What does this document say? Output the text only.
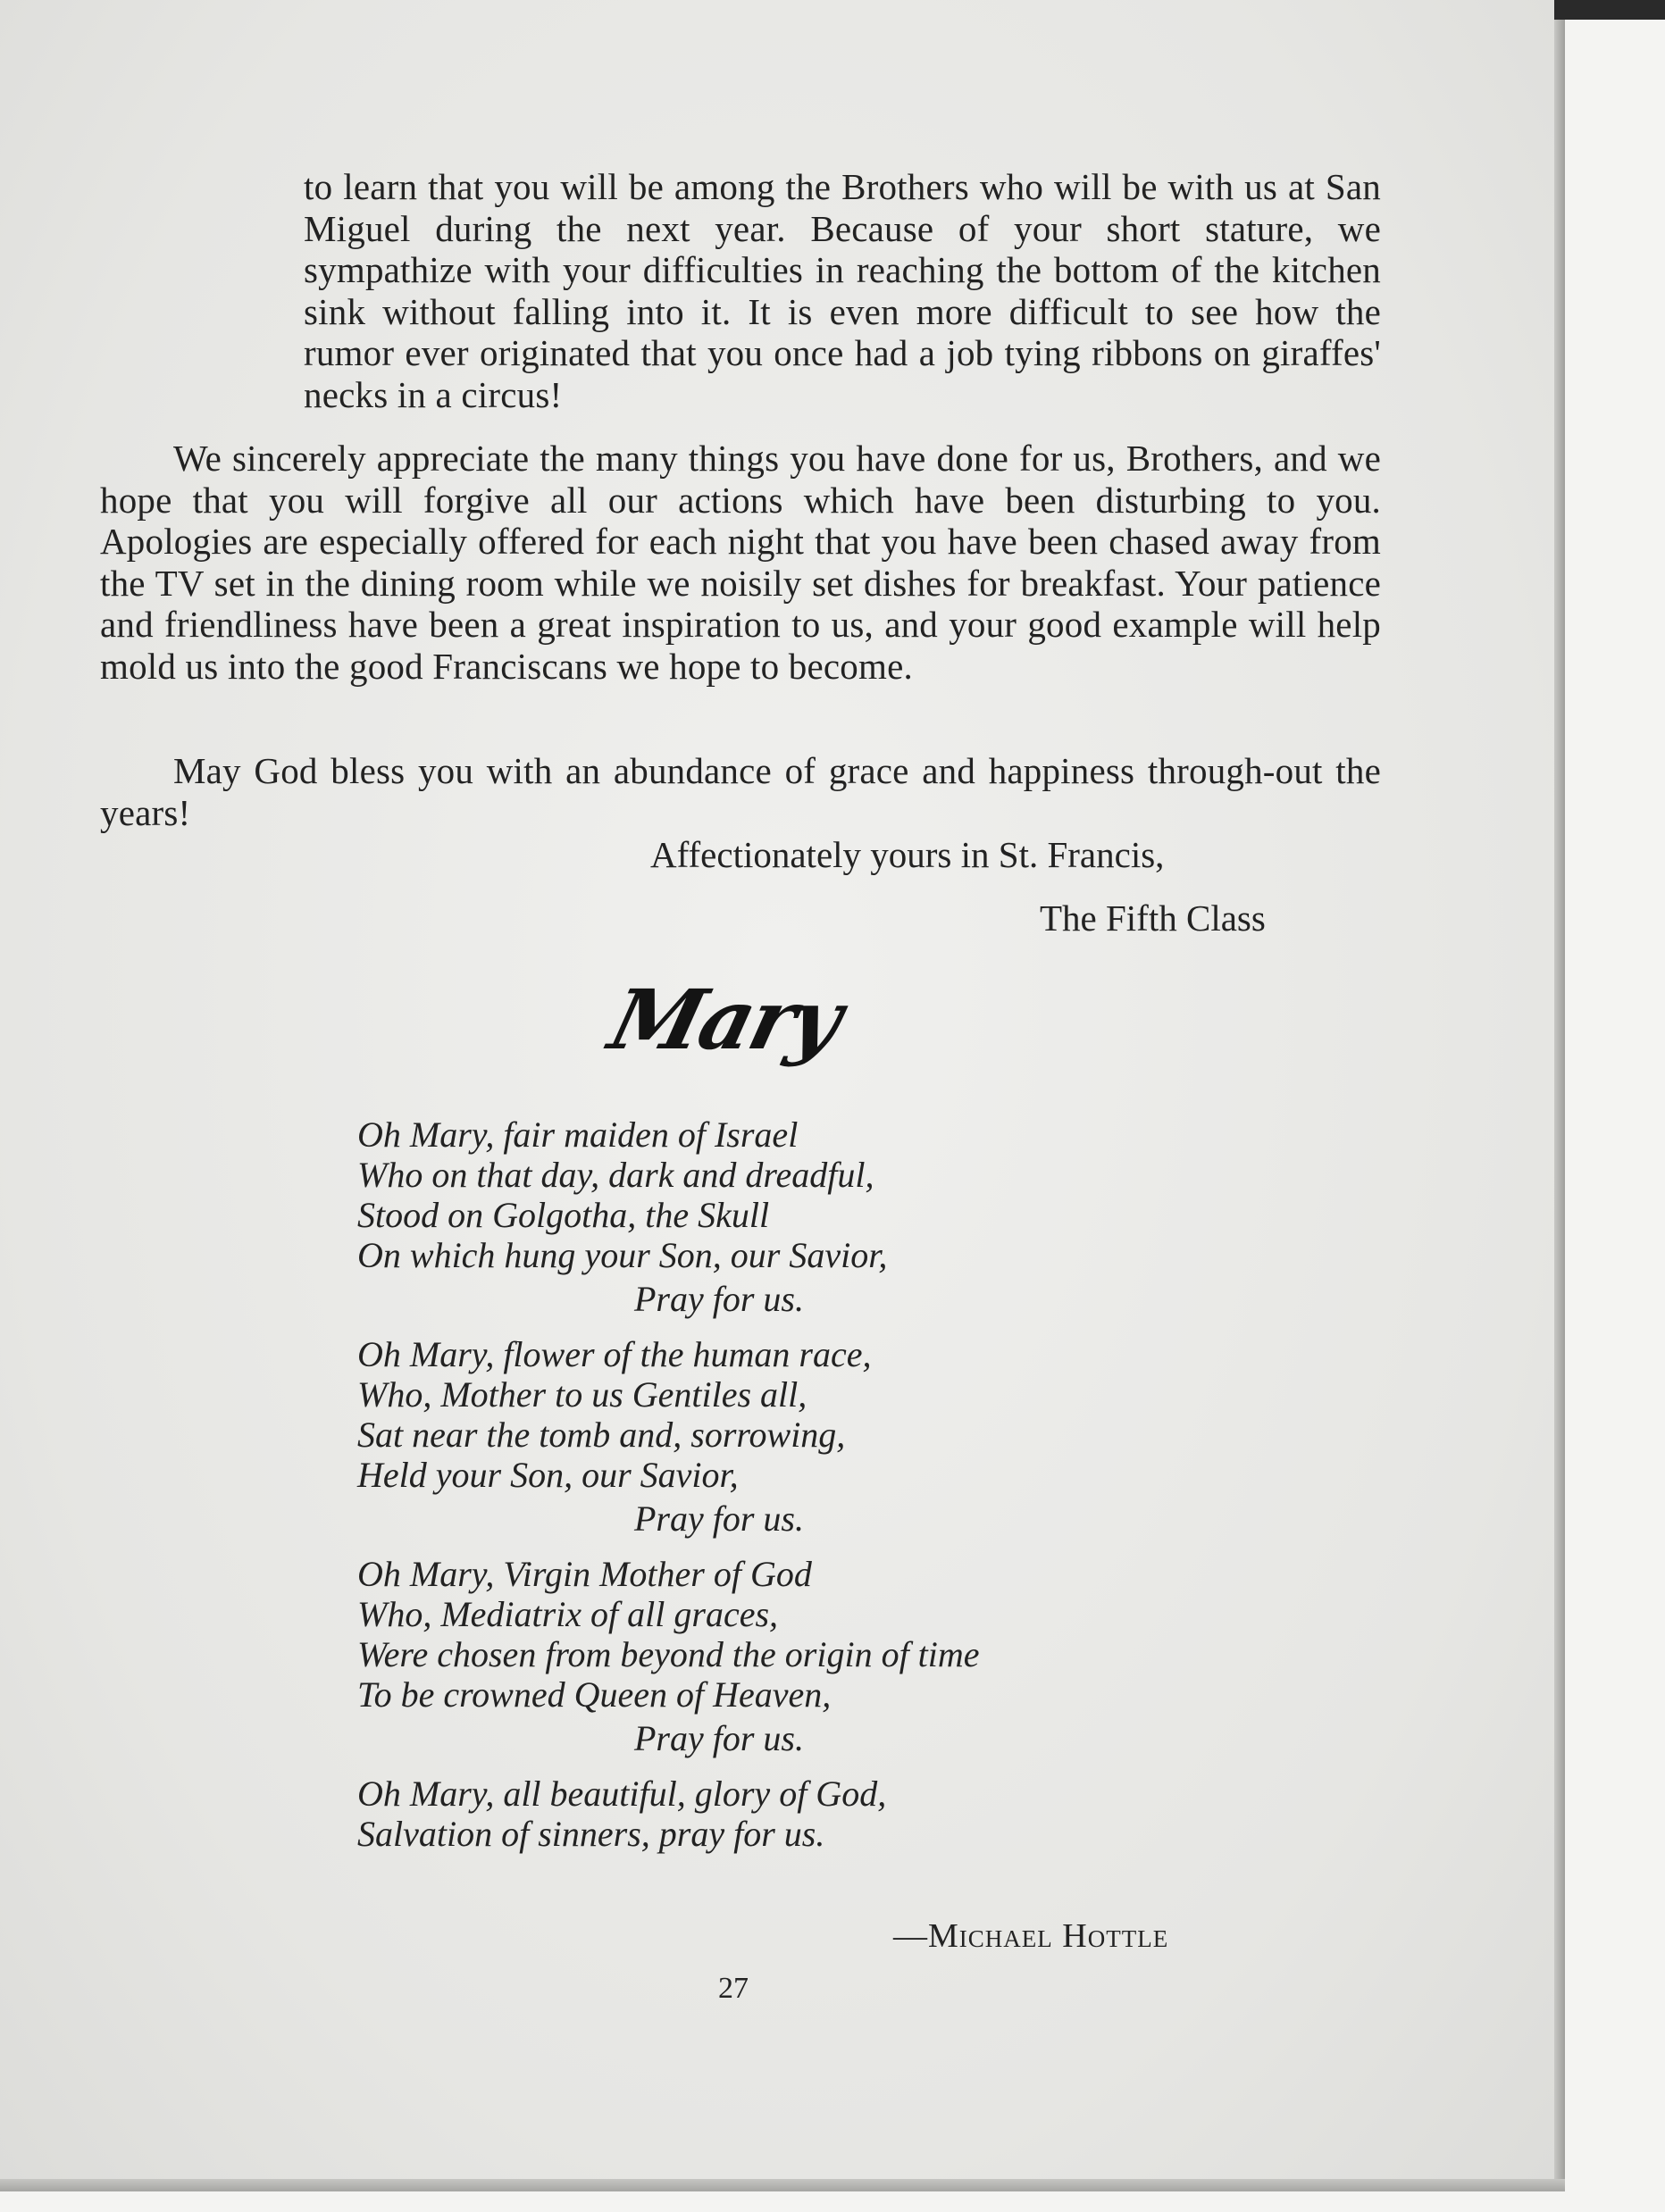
to learn that you will be among the Brothers who will be with us at San Miguel during the next year. Because of your short stature, we sympathize with your difficulties in reaching the bottom of the kitchen sink without falling into it. It is even more difficult to see how the rumor ever originated that you once had a job tying ribbons on giraffes' necks in a circus!

We sincerely appreciate the many things you have done for us, Brothers, and we hope that you will forgive all our actions which have been disturbing to you. Apologies are especially offered for each night that you have been chased away from the TV set in the dining room while we noisily set dishes for breakfast. Your patience and friendliness have been a great inspiration to us, and your good example will help mold us into the good Franciscans we hope to become.

May God bless you with an abundance of grace and happiness through-out the years!

Affectionately yours in St. Francis,

The Fifth Class

Mary
Oh Mary, fair maiden of Israel
Who on that day, dark and dreadful,
Stood on Golgotha, the Skull
On which hung your Son, our Savior,
Pray for us.
Oh Mary, flower of the human race,
Who, Mother to us Gentiles all,
Sat near the tomb and, sorrowing,
Held your Son, our Savior,
Pray for us.
Oh Mary, Virgin Mother of God
Who, Mediatrix of all graces,
Were chosen from beyond the origin of time
To be crowned Queen of Heaven,
Pray for us.
Oh Mary, all beautiful, glory of God,
Salvation of sinners, pray for us.

—Michael Hottle

27
